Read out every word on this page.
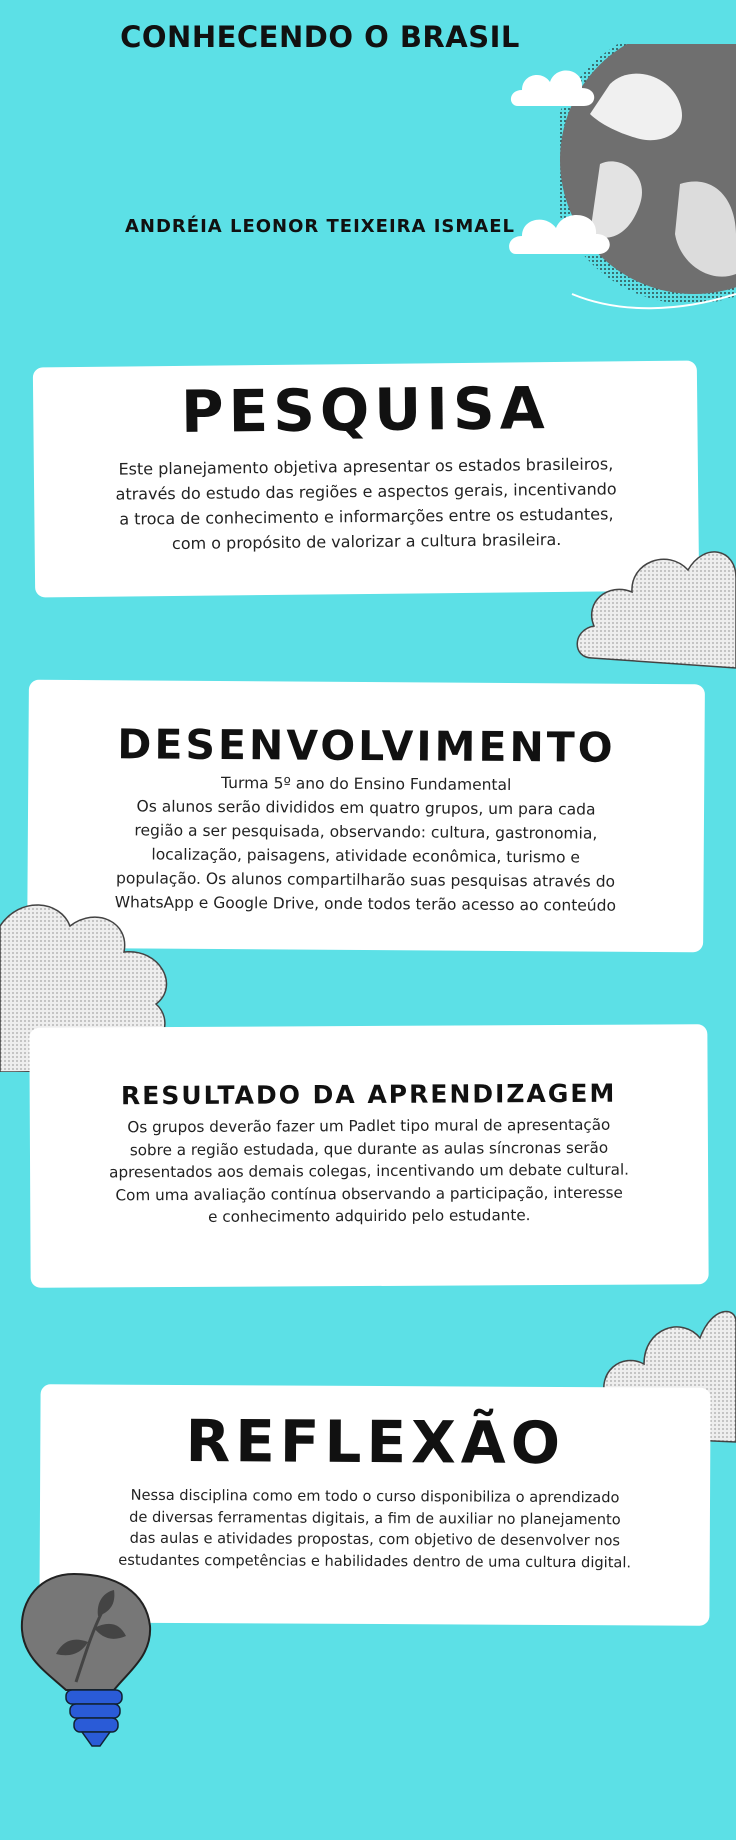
CONHECENDO O BRASIL
ANDRÉIA LEONOR TEIXEIRA ISMAEL
PESQUISA

Este planejamento objetiva apresentar os estados brasileiros,

através do estudo das regiões e aspectos gerais, incentivando

a troca de conhecimento e informarções entre os estudantes,

com o propósito de valorizar a cultura brasileira.

DESENVOLVIMENTO

Turma 5º ano do Ensino Fundamental

Os alunos serão divididos em quatro grupos, um para cada

região a ser pesquisada, observando: cultura, gastronomia,

localização, paisagens, atividade econômica, turismo e

população. Os alunos compartilharão suas pesquisas através do

WhatsApp e Google Drive, onde todos terão acesso ao conteúdo

RESULTADO DA APRENDIZAGEM

Os grupos deverão fazer um Padlet tipo mural de apresentação

sobre a região estudada, que durante as aulas síncronas serão

apresentados aos demais colegas, incentivando um debate cultural.

Com uma avaliação contínua observando a participação, interesse

e conhecimento adquirido pelo estudante.

REFLEXÃO

Nessa disciplina como em todo o curso disponibiliza o aprendizado

de diversas ferramentas digitais, a fim de auxiliar no planejamento

das aulas e atividades propostas, com objetivo de desenvolver nos

estudantes competências e habilidades dentro de uma cultura digital.
